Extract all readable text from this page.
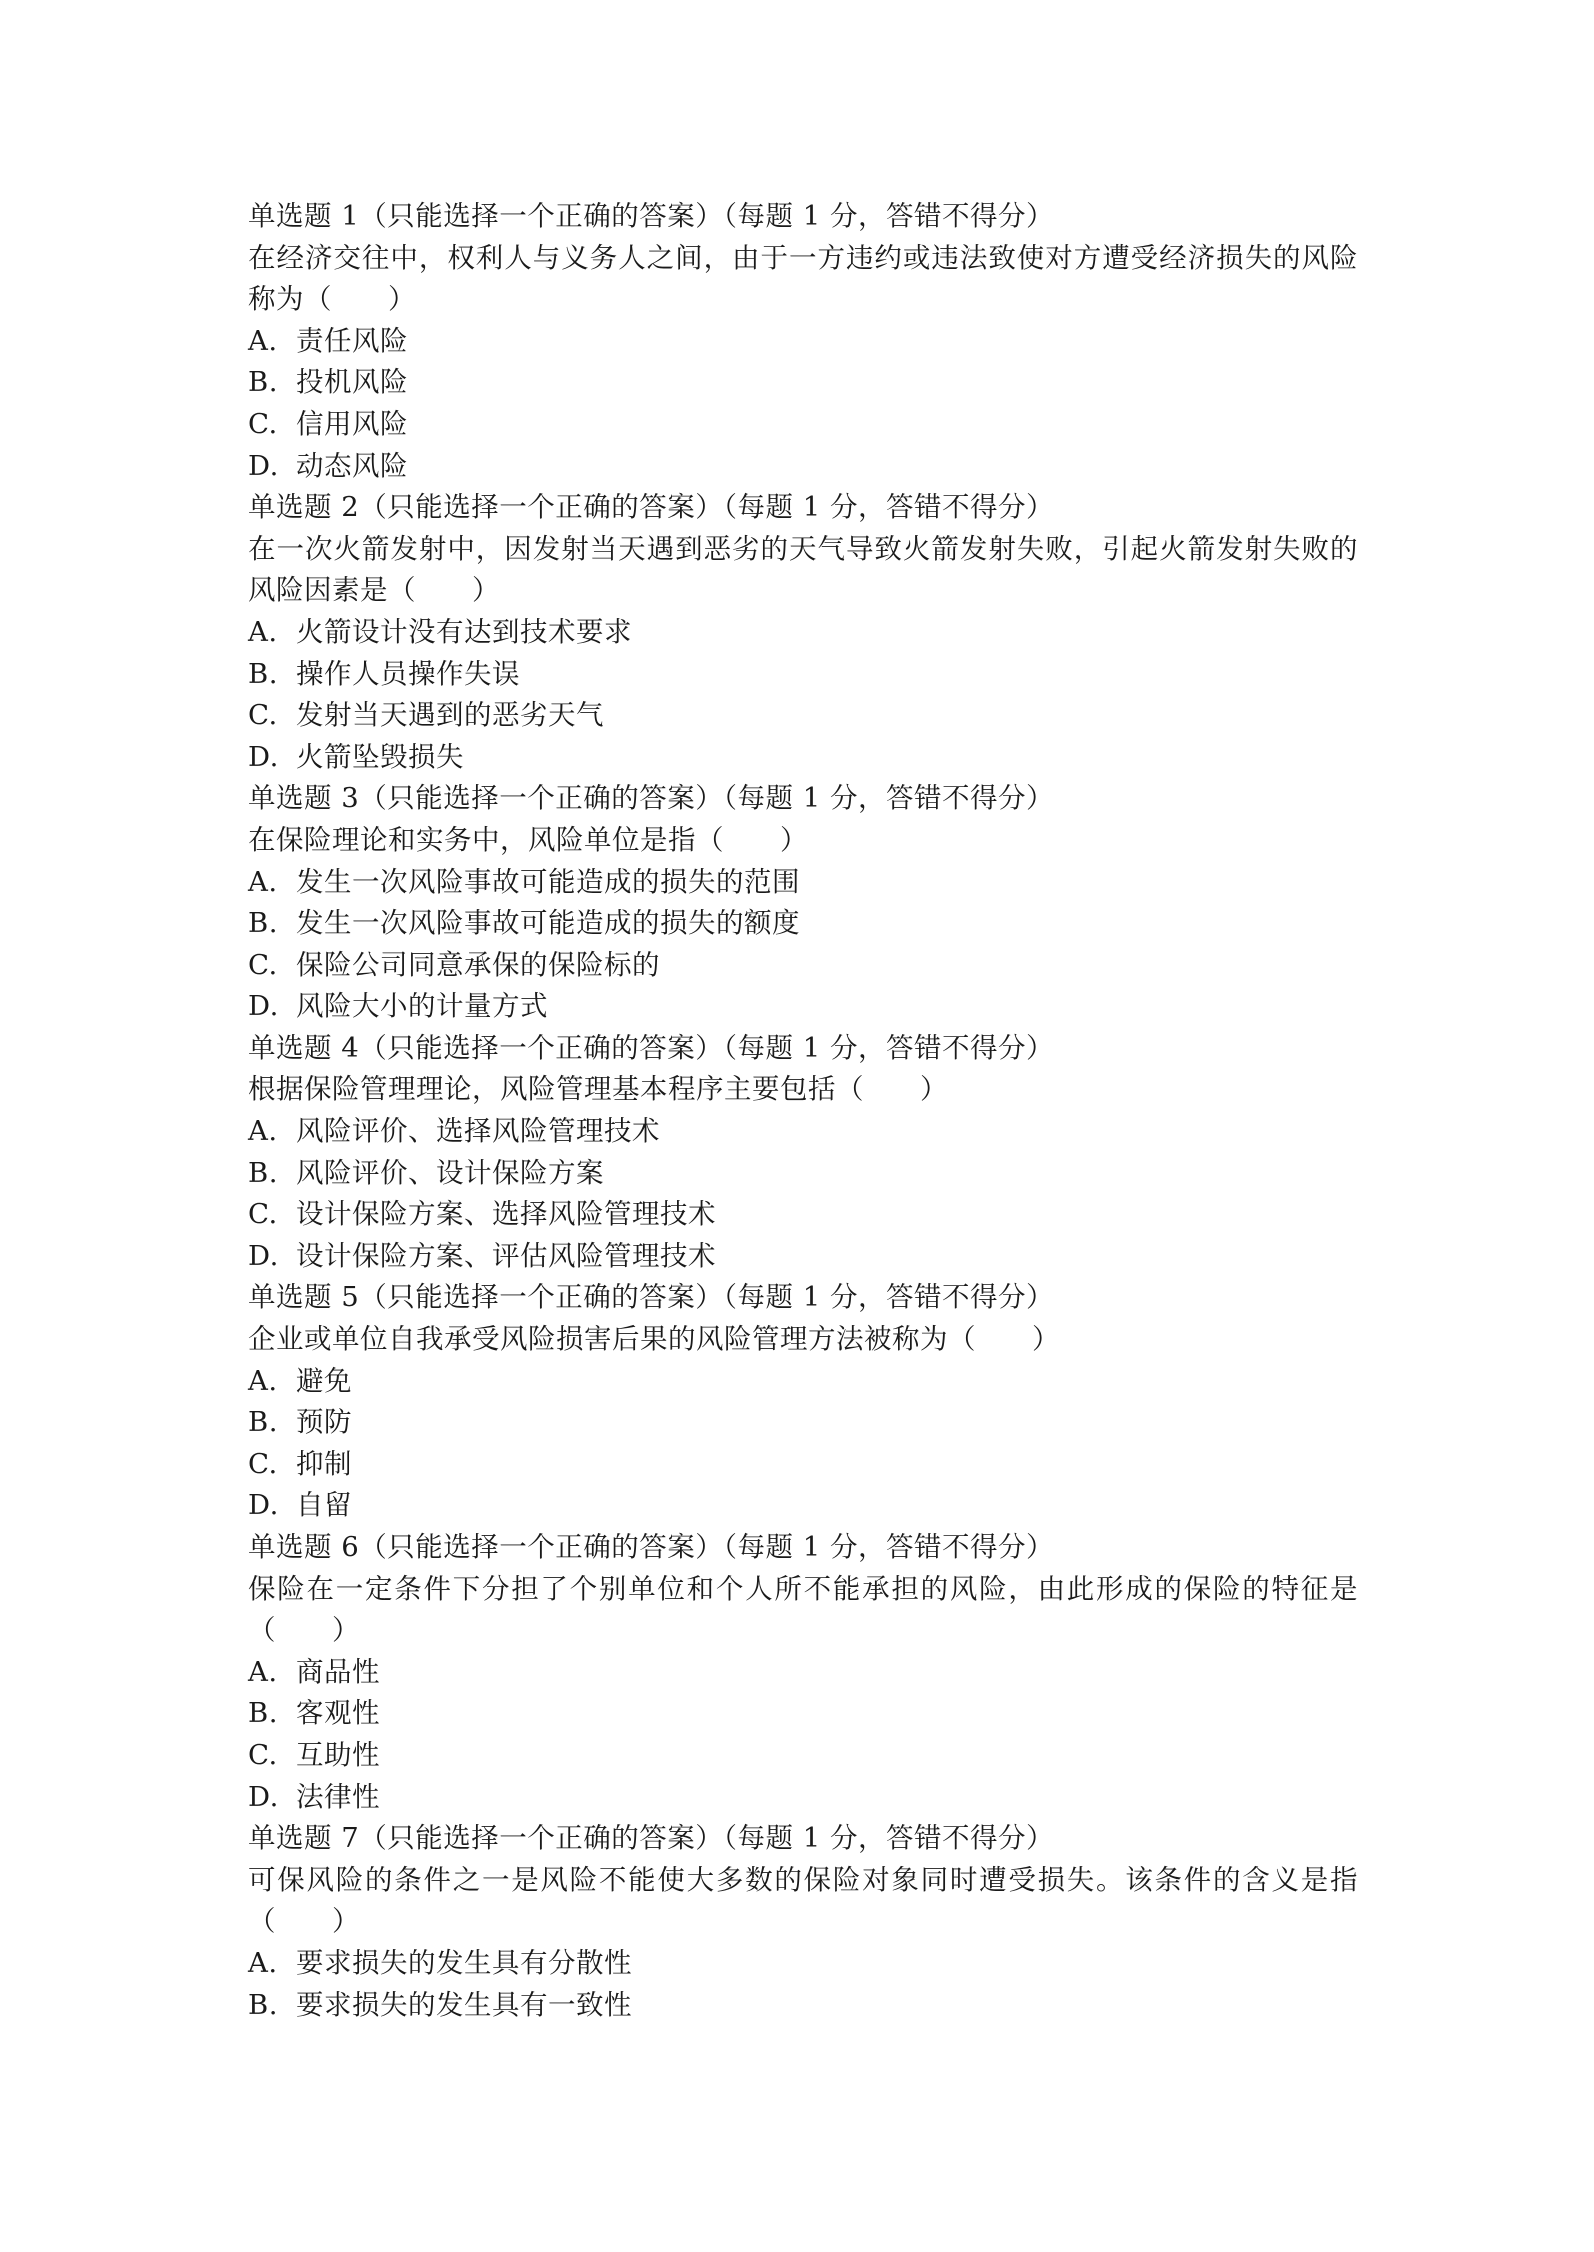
单选题 1（只能选择一个正确的答案）（每题 1 分，答错不得分）
在经济交往中，权利人与义务人之间，由于一方违约或违法致使对方遭受经济损失的风险称为（　　）
A. 责任风险
B. 投机风险
C. 信用风险
D. 动态风险
单选题 2（只能选择一个正确的答案）（每题 1 分，答错不得分）
在一次火箭发射中，因发射当天遇到恶劣的天气导致火箭发射失败，引起火箭发射失败的风险因素是（　　）
A. 火箭设计没有达到技术要求
B. 操作人员操作失误
C. 发射当天遇到的恶劣天气
D. 火箭坠毁损失
单选题 3（只能选择一个正确的答案）（每题 1 分，答错不得分）
在保险理论和实务中，风险单位是指（　　）
A. 发生一次风险事故可能造成的损失的范围
B. 发生一次风险事故可能造成的损失的额度
C. 保险公司同意承保的保险标的
D. 风险大小的计量方式
单选题 4（只能选择一个正确的答案）（每题 1 分，答错不得分）
根据保险管理理论，风险管理基本程序主要包括（　　）
A. 风险评价、选择风险管理技术
B. 风险评价、设计保险方案
C. 设计保险方案、选择风险管理技术
D. 设计保险方案、评估风险管理技术
单选题 5（只能选择一个正确的答案）（每题 1 分，答错不得分）
企业或单位自我承受风险损害后果的风险管理方法被称为（　　）
A. 避免
B. 预防
C. 抑制
D. 自留
单选题 6（只能选择一个正确的答案）（每题 1 分，答错不得分）
保险在一定条件下分担了个别单位和个人所不能承担的风险，由此形成的保险的特征是（　　）
A. 商品性
B. 客观性
C. 互助性
D. 法律性
单选题 7（只能选择一个正确的答案）（每题 1 分，答错不得分）
可保风险的条件之一是风险不能使大多数的保险对象同时遭受损失。该条件的含义是指（　　）
A. 要求损失的发生具有分散性
B. 要求损失的发生具有一致性
